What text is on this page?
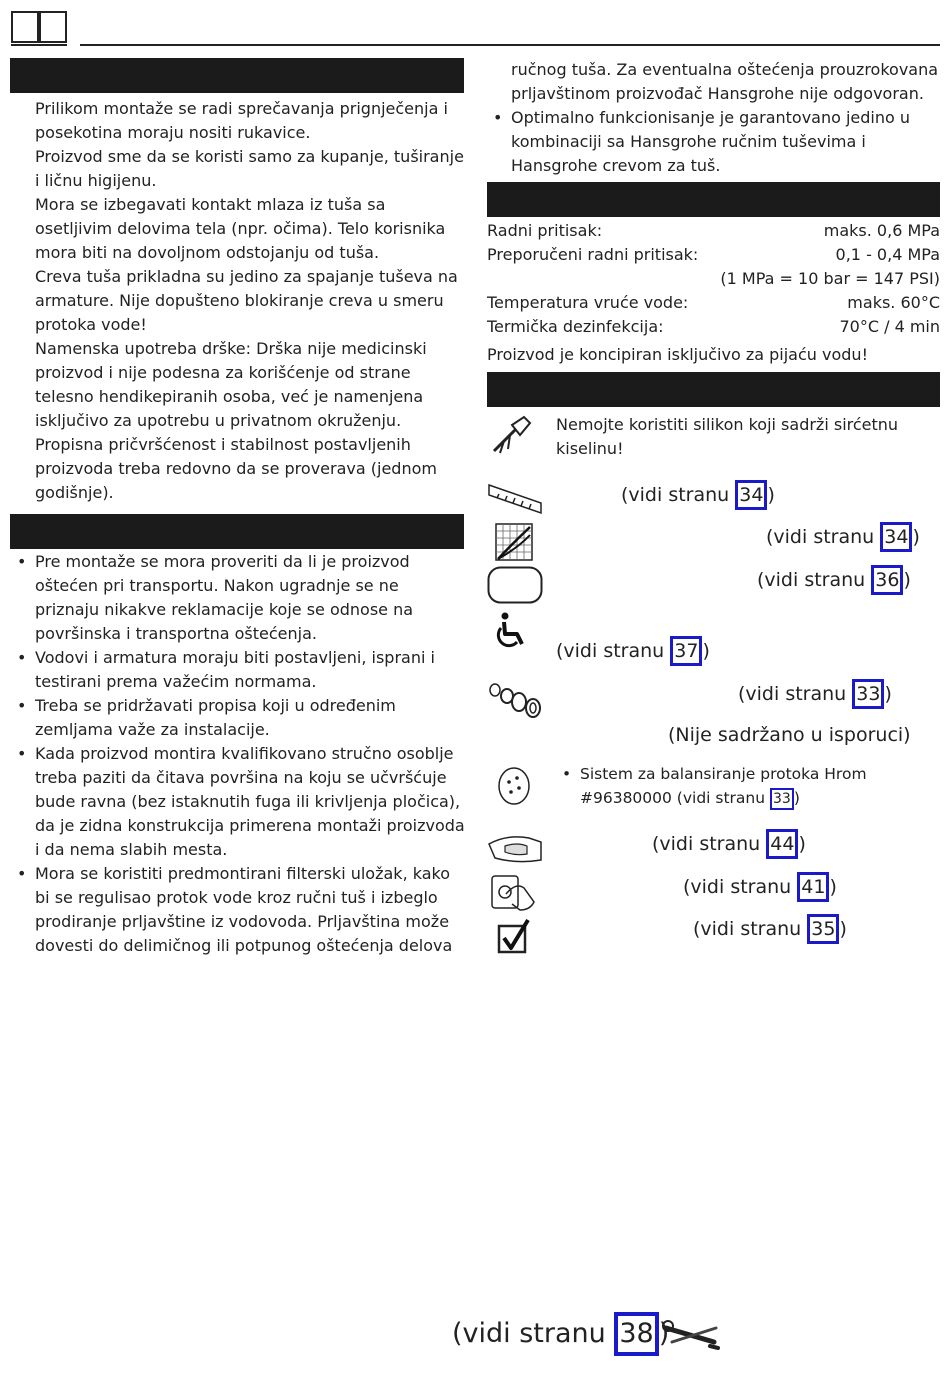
Prilikom montaže se radi sprečavanja prignječenja i posekotina moraju nositi rukavice.

Proizvod sme da se koristi samo za kupanje, tuširanje i ličnu higijenu.

Mora se izbegavati kontakt mlaza iz tuša sa osetljivim delovima tela (npr. očima). Telo korisnika mora biti na dovoljnom odstojanju od tuša.

Creva tuša prikladna su jedino za spajanje tuševa na armature. Nije dopušteno blokiranje creva u smeru protoka vode!

Namenska upotreba drške: Drška nije medicinski proizvod i nije podesna za korišćenje od strane telesno hendikepiranih osoba, već je namenjena isključivo za upotrebu u privatnom okruženju.

Propisna pričvršćenost i stabilnost postavljenih proizvoda treba redovno da se proverava (jednom godišnje).

• Pre montaže se mora proveriti da li je proizvod oštećen pri transportu. Nakon ugradnje se ne priznaju nikakve reklamacije koje se odnose na površinska i transportna oštećenja.
• Vodovi i armatura moraju biti postavljeni, isprani i testirani prema važećim normama.
• Treba se pridržavati propisa koji u određenim zemljama važe za instalacije.
• Kada proizvod montira kvalifikovano stručno osoblje treba paziti da čitava površina na koju se učvršćuje bude ravna (bez istaknutih fuga ili krivljenja pločica), da je zidna konstrukcija primerena montaži proizvoda i da nema slabih mesta.
• Mora se koristiti predmontirani filterski uložak, kako bi se regulisao protok vode kroz ručni tuš i izbeglo prodiranje prljavštine iz vodovoda. Prljavština može dovesti do delimičnog ili potpunog oštećenja delova
ručnog tuša. Za eventualna oštećenja prouzrokovana prljavštinom proizvođač Hansgrohe nije odgovoran.
• Optimalno funkcionisanje je garantovano jedino u kombinaciji sa Hansgrohe ručnim tuševima i Hansgrohe crevom za tuš.
Radni pritisak:	maks. 0,6 MPa
Preporučeni radni pritisak:	0,1 - 0,4 MPa
(1 MPa = 10 bar = 147 PSI)
Temperatura vruće vode:	maks. 60°C
Termička dezinfekcija:	70°C / 4 min
Proizvod je koncipiran isključivo za pijaću vodu!
Nemojte koristiti silikon koji sadrži sirćetnu kiselinu!
(vidi stranu 34 )
(vidi stranu 34 )
(vidi stranu 36 )
(vidi stranu 37 )
(vidi stranu 33 )
(Nije sadržano u isporuci)
• Sistem za balansiranje protoka Hrom
#96380000 (vidi stranu 33 )
(vidi stranu 44 )
(vidi stranu 41 )
(vidi stranu 35 )
(vidi stranu 38 )
